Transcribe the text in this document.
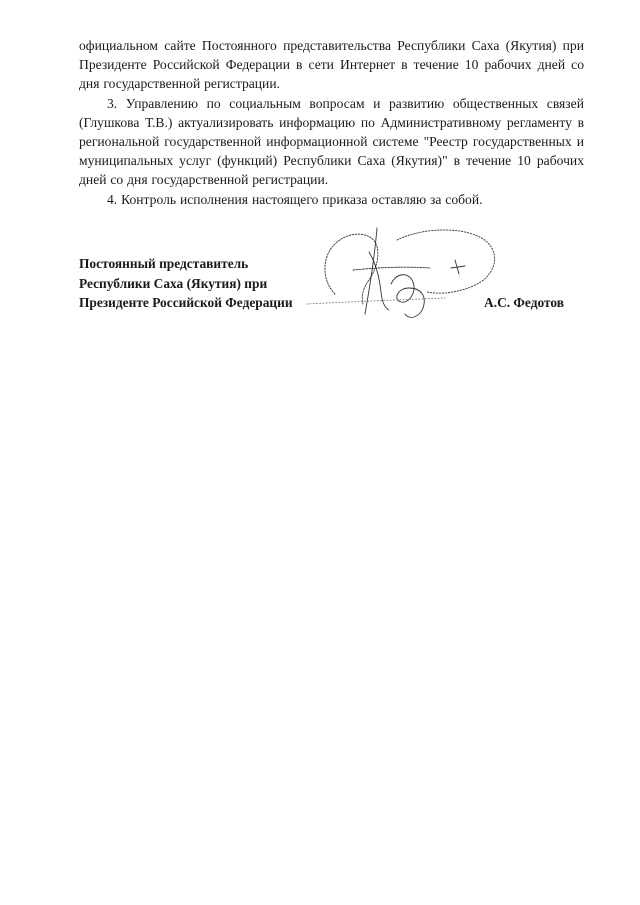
официальном сайте Постоянного представительства Республики Саха (Якутия) при Президенте Российской Федерации в сети Интернет в течение 10 рабочих дней со дня государственной регистрации.

3. Управлению по социальным вопросам и развитию общественных связей (Глушкова Т.В.) актуализировать информацию по Административному регламенту в региональной государственной информационной системе "Реестр государственных и муниципальных услуг (функций) Республики Саха (Якутия)" в течение 10 рабочих дней со дня государственной регистрации.

4. Контроль исполнения настоящего приказа оставляю за собой.

Постоянный представитель

Республики Саха (Якутия) при

Президенте Российской Федерации	А.С. Федотов
